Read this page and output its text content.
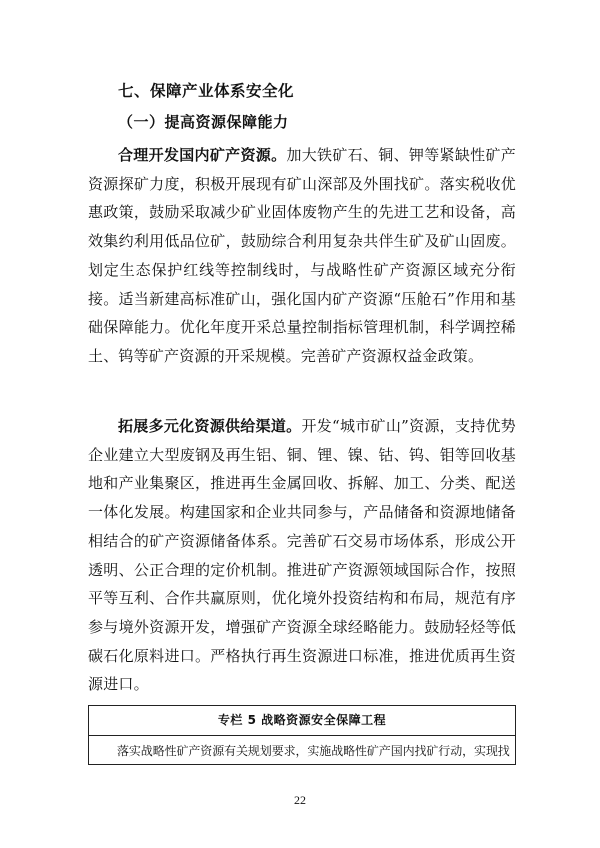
七、保障产业体系安全化
（一）提高资源保障能力

合理开发国内矿产资源。加大铁矿石、铜、钾等紧缺性矿产资源探矿力度，积极开展现有矿山深部及外围找矿。落实税收优惠政策，鼓励采取减少矿业固体废物产生的先进工艺和设备，高效集约利用低品位矿，鼓励综合利用复杂共伴生矿及矿山固废。划定生态保护红线等控制线时，与战略性矿产资源区域充分衔接。适当新建高标准矿山，强化国内矿产资源“压舱石”作用和基础保障能力。优化年度开采总量控制指标管理机制，科学调控稀土、钨等矿产资源的开采规模。完善矿产资源权益金政策。

拓展多元化资源供给渠道。开发“城市矿山”资源，支持优势企业建立大型废钢及再生铝、铜、锂、镍、钴、钨、钼等回收基地和产业集聚区，推进再生金属回收、拆解、加工、分类、配送一体化发展。构建国家和企业共同参与，产品储备和资源地储备相结合的矿产资源储备体系。完善矿石交易市场体系，形成公开透明、公正合理的定价机制。推进矿产资源领域国际合作，按照平等互利、合作共赢原则，优化境外投资结构和布局，规范有序参与境外资源开发，增强矿产资源全球经略能力。鼓励轻烃等低碳石化原料进口。严格执行再生资源进口标准，推进优质再生资源进口。

专栏 5 战略资源安全保障工程
落实战略性矿产资源有关规划要求，实施战略性矿产国内找矿行动，实现找
22
